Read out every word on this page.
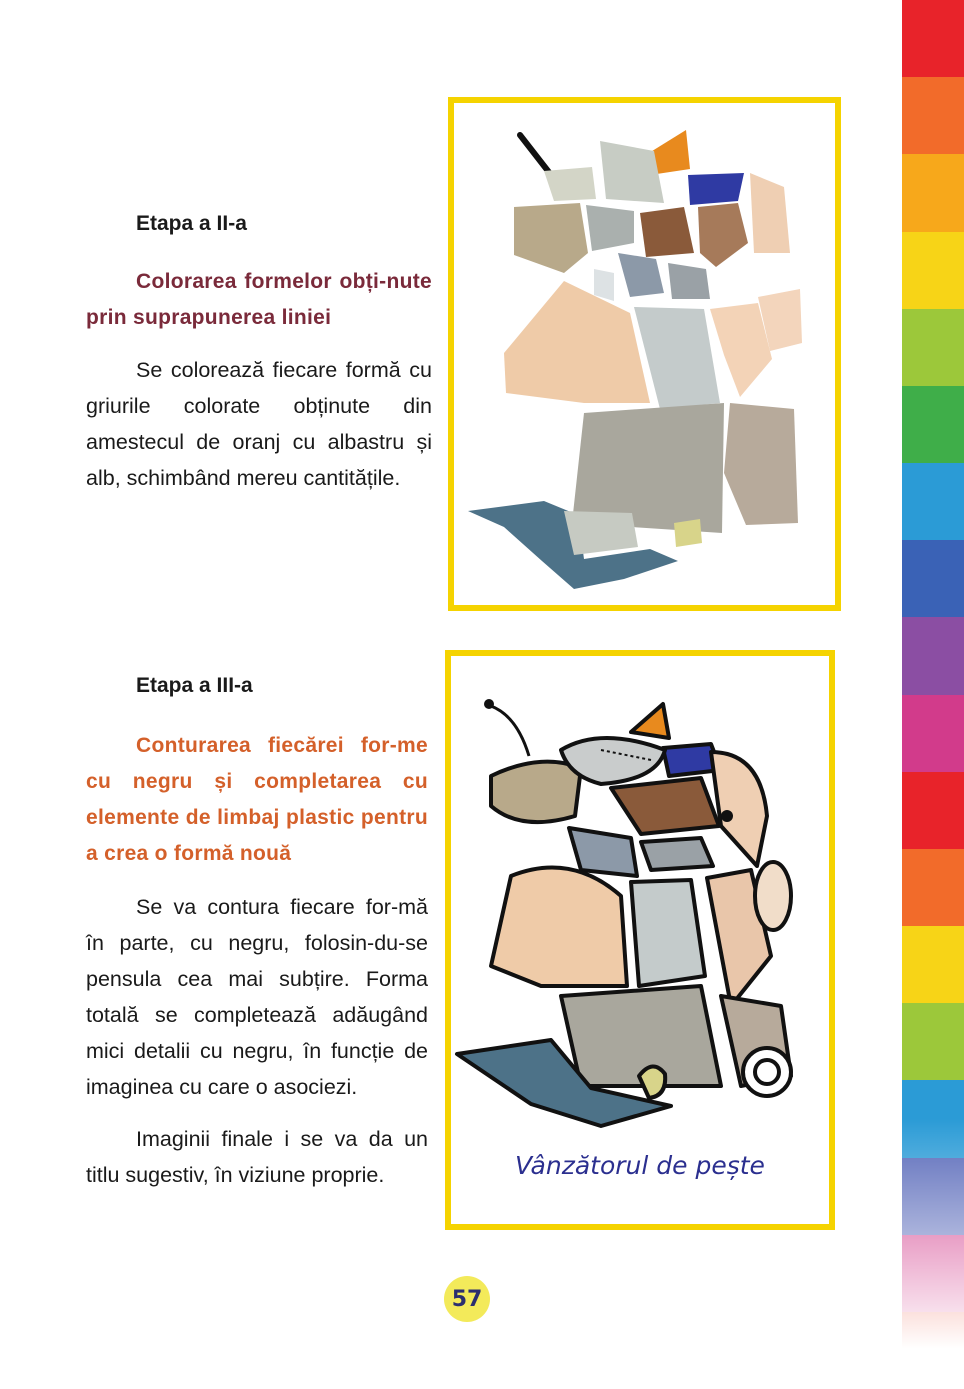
Etapa a II-a

Colorarea formelor obți-nute prin suprapunerea liniei

Se colorează fiecare formă cu griurile colorate obținute din amestecul de oranj cu albastru și alb, schimbând mereu cantitățile.

Etapa a III-a

Conturarea fiecărei for-me cu negru și completarea cu elemente de limbaj plastic pentru a crea o formă nouă

Se va contura fiecare for-mă în parte, cu negru, folosin-du-se pensula cea mai subțire. Forma totală se completează adăugând mici detalii cu negru, în funcție de imaginea cu care o asociezi.

Imaginii finale i se va da un titlu sugestiv, în viziune proprie.	Vânzătorul de pește
57
